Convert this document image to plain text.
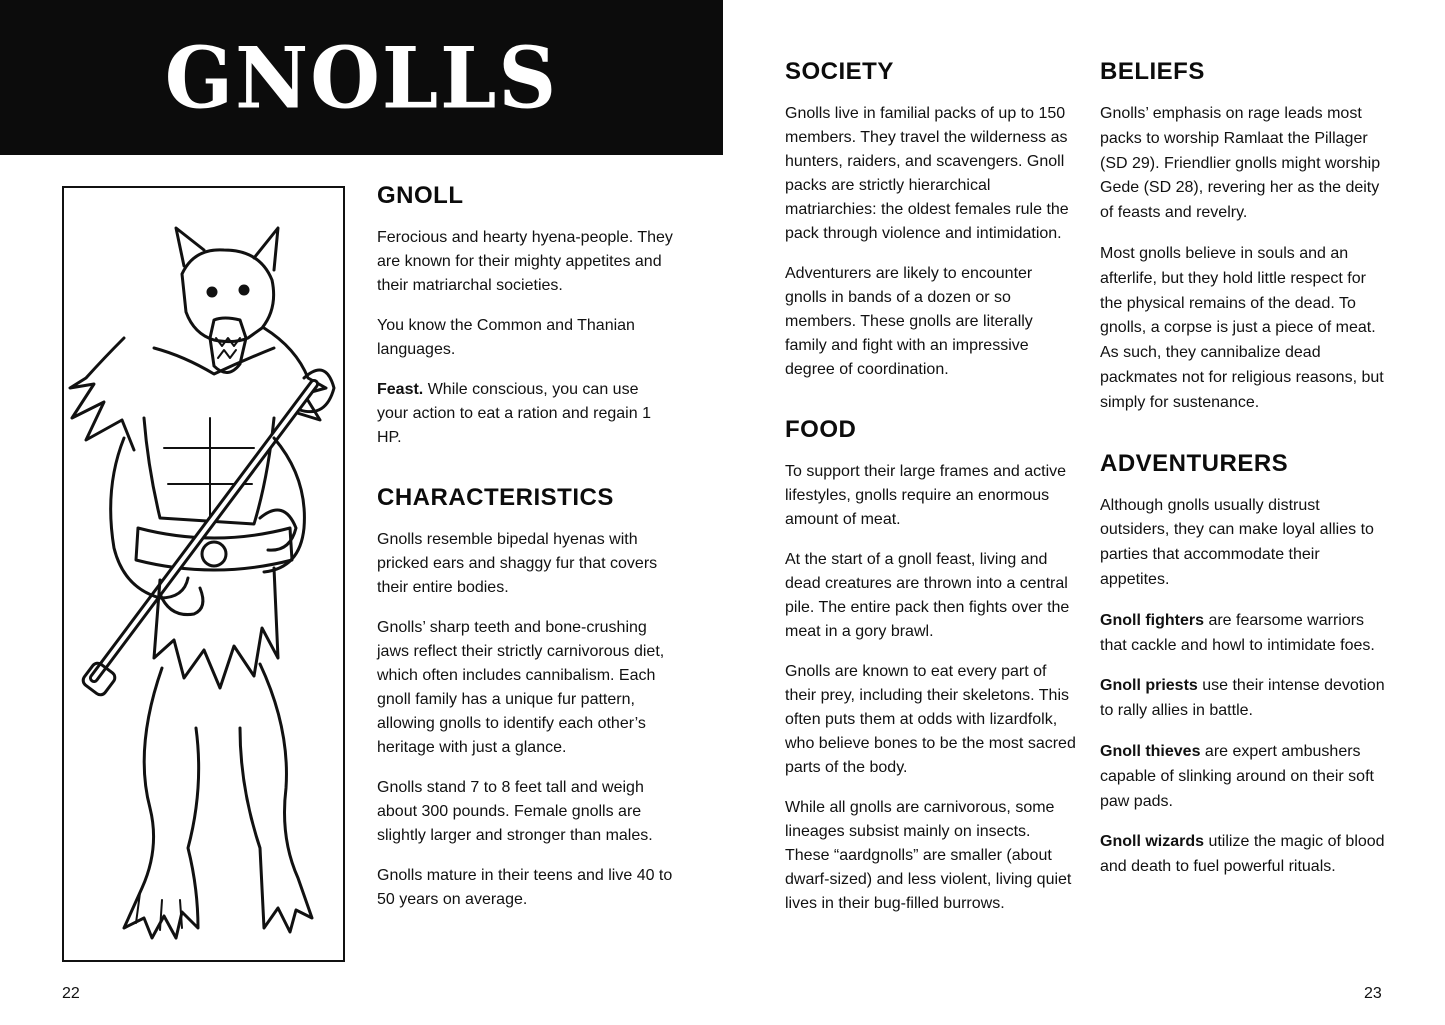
GNOLLS
GNOLL

Ferocious and hearty hyena-people. They are known for their mighty appetites and their matriarchal societies.

You know the Common and Thanian languages.

Feast. While conscious, you can use your action to eat a ration and regain 1 HP.

CHARACTERISTICS

Gnolls resemble bipedal hyenas with pricked ears and shaggy fur that covers their entire bodies.

Gnolls’ sharp teeth and bone-crushing jaws reflect their strictly carnivorous diet, which often includes cannibalism. Each gnoll family has a unique fur pattern, allowing gnolls to identify each other’s heritage with just a glance.

Gnolls stand 7 to 8 feet tall and weigh about 300 pounds. Female gnolls are slightly larger and stronger than males.

Gnolls mature in their teens and live 40 to 50 years on average.

SOCIETY

Gnolls live in familial packs of up to 150 members. They travel the wilderness as hunters, raiders, and scavengers. Gnoll packs are strictly hierarchical matriarchies: the oldest females rule the pack through violence and intimidation.

Adventurers are likely to encounter gnolls in bands of a dozen or so members. These gnolls are literally family and fight with an impressive degree of coordination.

FOOD

To support their large frames and active lifestyles, gnolls require an enormous amount of meat.

At the start of a gnoll feast, living and dead creatures are thrown into a central pile. The entire pack then fights over the meat in a gory brawl.

Gnolls are known to eat every part of their prey, including their skeletons. This often puts them at odds with lizardfolk, who believe bones to be the most sacred parts of the body.

While all gnolls are carnivorous, some lineages subsist mainly on insects. These “aardgnolls” are smaller (about dwarf-sized) and less violent, living quiet lives in their bug-filled burrows.

BELIEFS

Gnolls’ emphasis on rage leads most packs to worship Ramlaat the Pillager (SD 29). Friendlier gnolls might worship Gede (SD 28), revering her as the deity of feasts and revelry.

Most gnolls believe in souls and an afterlife, but they hold little respect for the physical remains of the dead. To gnolls, a corpse is just a piece of meat. As such, they cannibalize dead packmates not for religious reasons, but simply for sustenance.

ADVENTURERS

Although gnolls usually distrust outsiders, they can make loyal allies to parties that accommodate their appetites.

Gnoll fighters are fearsome warriors that cackle and howl to intimidate foes.

Gnoll priests use their intense devotion to rally allies in battle.

Gnoll thieves are expert ambushers capable of slinking around on their soft paw pads.

Gnoll wizards utilize the magic of blood and death to fuel powerful rituals.

22	23
